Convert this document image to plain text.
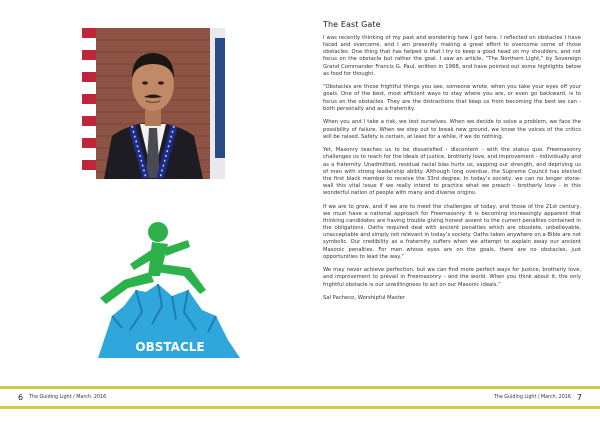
OBSTACLE
The East Gate

I was recently thinking of my past and wondering how I got here. I reflected on obstacles I have faced and overcome, and I am presently making a great effort to overcome some of those obstacles. One thing that has helped is that I try to keep a good head on my shoulders, and not focus on the obstacle but rather the goal. I saw an article, “The Northern Light,” by Sovereign Grand Commander Francis G. Paul, written in 1988, and have pointed out some highlights below as food for thought.

“Obstacles are those frightful things you see, someone wrote, when you take your eyes off your goals. One of the best, most efficient ways to stay where you are, or even go backward, is to focus on the obstacles. They are the distractions that keep us from becoming the best we can - both personally and as a fraternity.

When you and I take a risk, we test ourselves. When we decide to solve a problem, we face the possibility of failure. When we step out to break new ground, we know the voices of the critics will be raised. Safety is certain, at least for a while, if we do nothing.

Yet, Masonry teaches us to be dissatisfied - discontent - with the status quo. Freemasonry challenges us to reach for the ideals of justice, brotherly love, and improvement - individually and as a fraternity. Unadmitted, residual racial bias hurts us, sapping our strength, and depriving us of men with strong leadership ability. Although long overdue, the Supreme Council has elected the first black member to receive the 33rd degree. In today’s society, we can no longer stone-wall this vital issue if we really intend to practice what we preach - brotherly love - in this wonderful nation of people with many and diverse origins.

If we are to grow, and if we are to meet the challenges of today, and those of the 21st century, we must have a national approach for Freemasonry. It is becoming increasingly apparent that thinking candidates are having trouble giving honest assent to the current penalties contained in the obligations. Oaths required deal with ancient penalties which are obsolete, unbelievable, unacceptable and simply not relevant in today’s society. Oaths taken anywhere on a Bible are not symbolic. Our credibility as a fraternity suffers when we attempt to explain away our ancient Masonic penalties. For men whose eyes are on the goals, there are no obstacles, just opportunities to lead the way.”

We may never achieve perfection, but we can find more perfect ways for justice, brotherly love, and improvement to prevail in Freemasonry - and the world. When you think about it, the only frightful obstacle is our unwillingness to act on our Masonic ideals.”

Sal Pacheco, Worshipful Master
6 The Guiding Light / March. 2016	The Guiding Light / March. 2016 7
